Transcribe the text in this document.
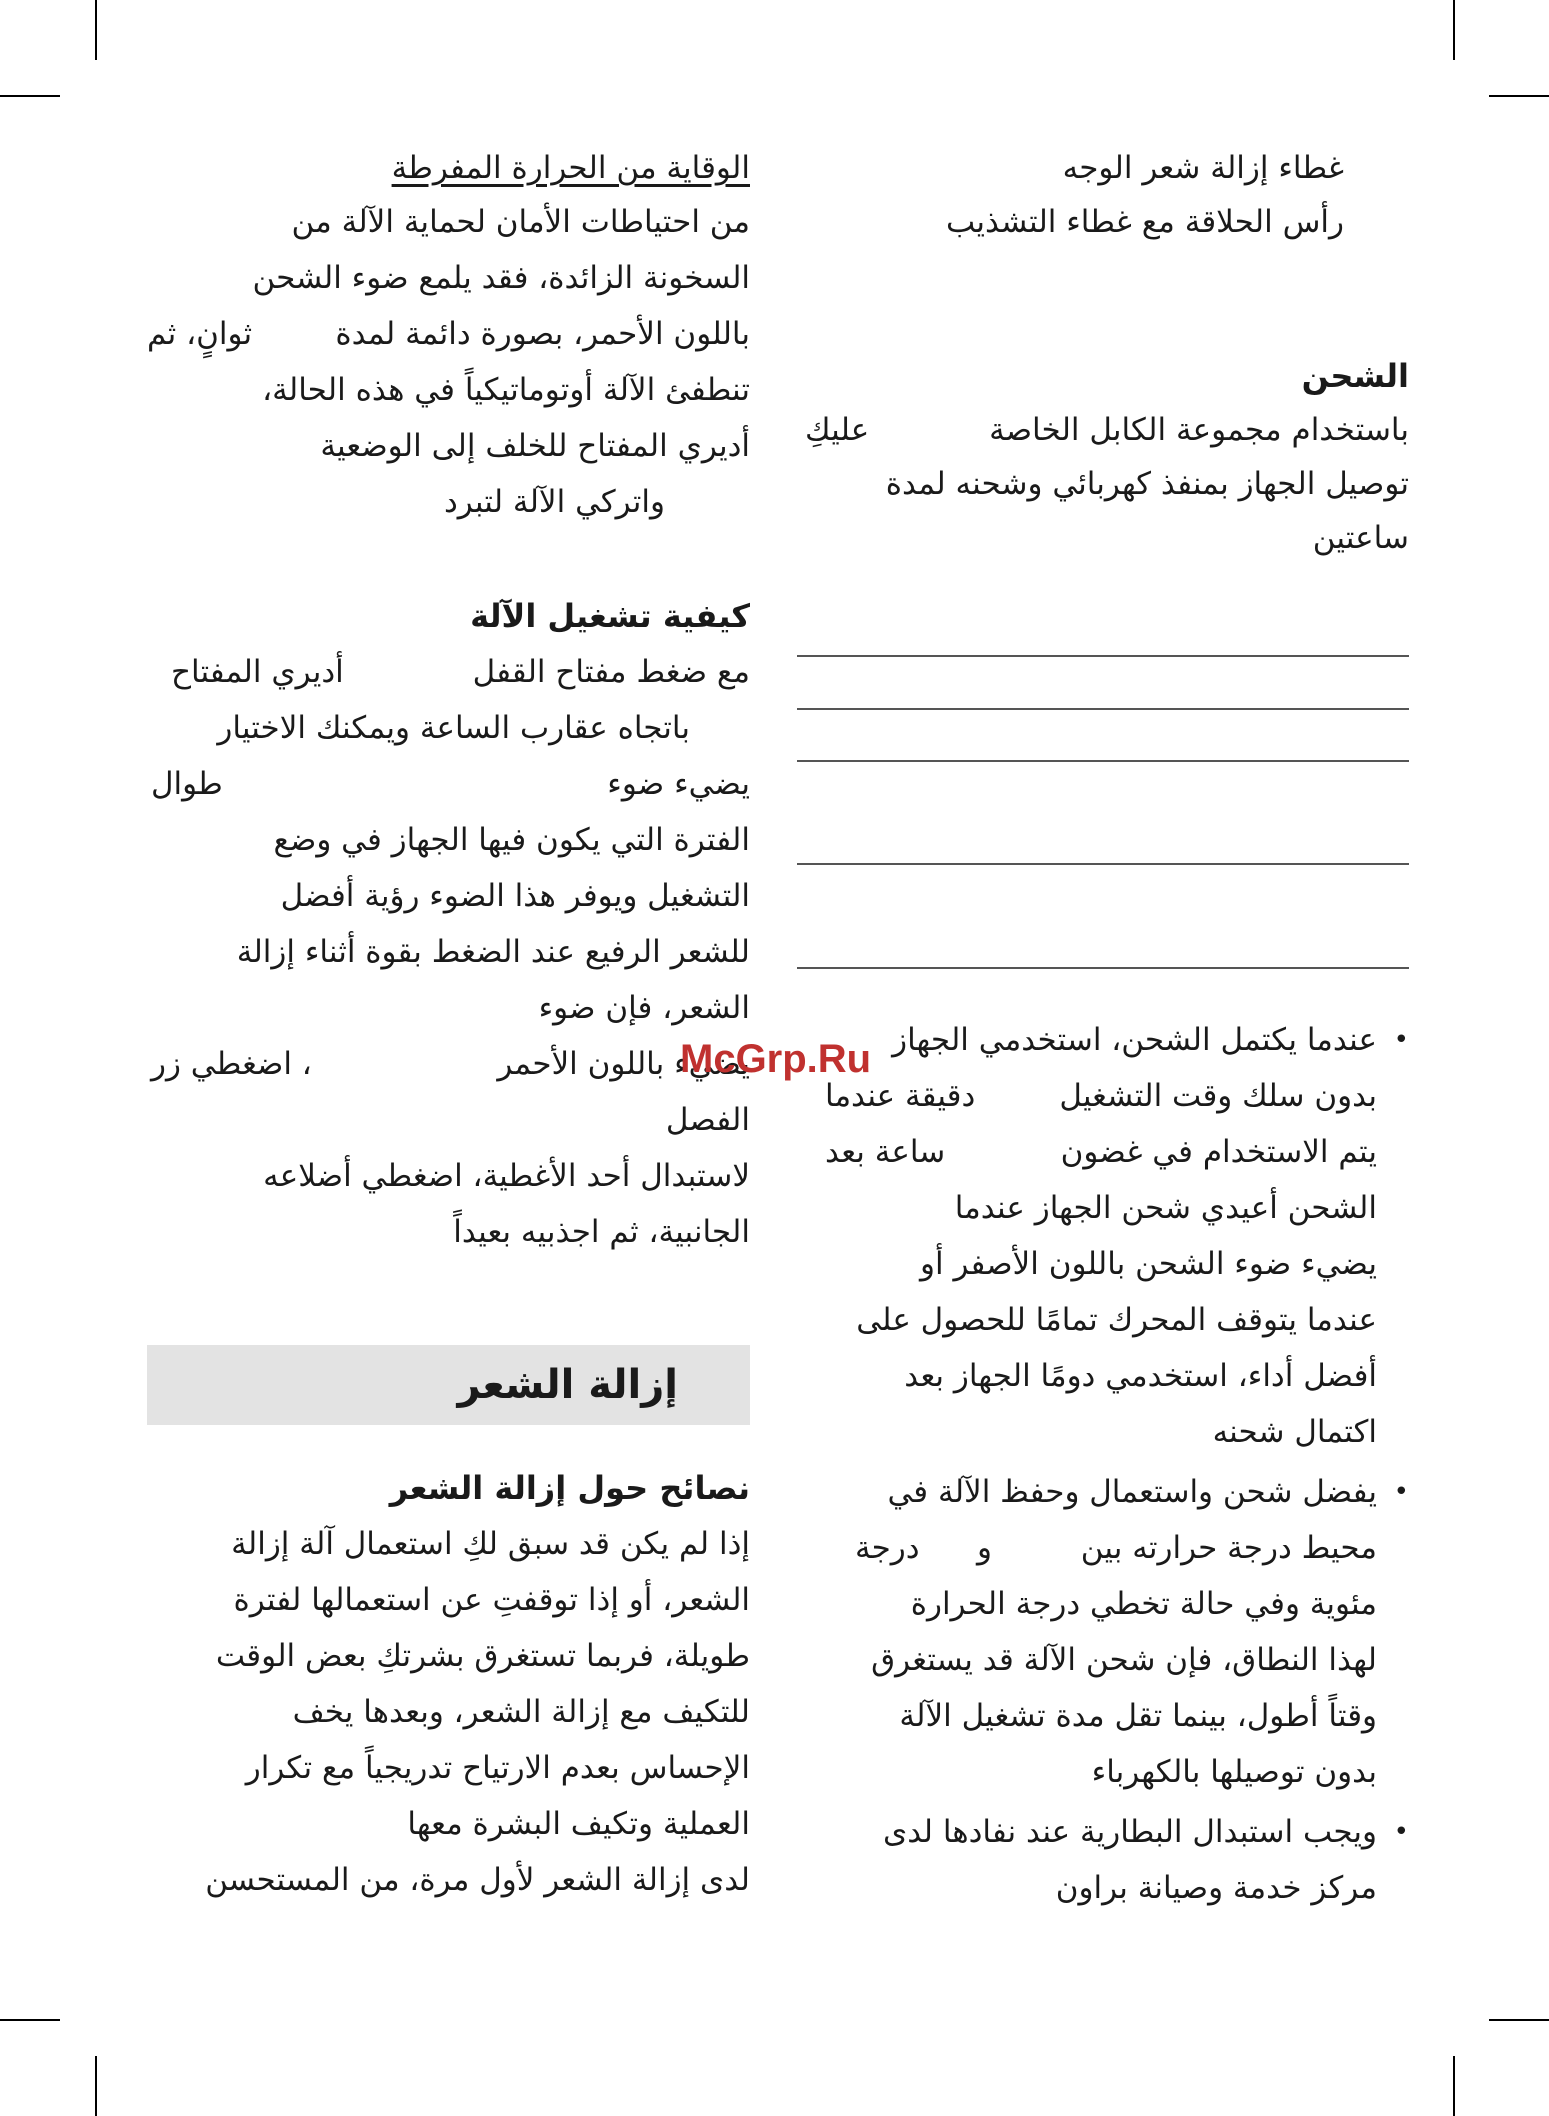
غطاء إزالة شعر الوجه
رأس الحلاقة مع غطاء التشذيب
الشحن
باستخدام مجموعة الكابل الخاصة
عليكِ
توصيل الجهاز بمنفذ كهربائي وشحنه لمدة
ساعتين
•
عندما يكتمل الشحن، استخدمي الجهاز
بدون سلك وقت التشغيل
دقيقة عندما
يتم الاستخدام في غضون
ساعة بعد
الشحن أعيدي شحن الجهاز عندما
يضيء ضوء الشحن باللون الأصفر أو
عندما يتوقف المحرك تمامًا للحصول على
أفضل أداء، استخدمي دومًا الجهاز بعد
اكتمال شحنه
•
يفضل شحن واستعمال وحفظ الآلة في
محيط درجة حرارته بين
و
درجة
مئوية وفي حالة تخطي درجة الحرارة
لهذا النطاق، فإن شحن الآلة قد يستغرق
وقتاً أطول، بينما تقل مدة تشغيل الآلة
بدون توصيلها بالكهرباء
•
ويجب استبدال البطارية عند نفادها لدى
مركز خدمة وصيانة براون
الوقاية من الحرارة المفرطة
من احتياطات الأمان لحماية الآلة من
السخونة الزائدة، فقد يلمع ضوء الشحن
باللون الأحمر، بصورة دائمة لمدة
ثوانٍ، ثم
تنطفئ الآلة أوتوماتيكياً في هذه الحالة،
أديري المفتاح للخلف إلى الوضعية
واتركي الآلة لتبرد
كيفية تشغيل الآلة
مع ضغط مفتاح القفل
أديري المفتاح
باتجاه عقارب الساعة ويمكنك الاختيار
يضيء ضوء
طوال
الفترة التي يكون فيها الجهاز في وضع
التشغيل ويوفر هذا الضوء رؤية أفضل
للشعر الرفيع عند الضغط بقوة أثناء إزالة
الشعر، فإن ضوء
يضيء باللون الأحمر
، اضغطي زر
الفصل
لاستبدال أحد الأغطية، اضغطي أضلاعه
الجانبية، ثم اجذبيه بعيداً
نصائح حول إزالة الشعر
إذا لم يكن قد سبق لكِ استعمال آلة إزالة
الشعر، أو إذا توقفتِ عن استعمالها لفترة
طويلة، فربما تستغرق بشرتكِ بعض الوقت
للتكيف مع إزالة الشعر، وبعدها يخف
الإحساس بعدم الارتياح تدريجياً مع تكرار
العملية وتكيف البشرة معها
لدى إزالة الشعر لأول مرة، من المستحسن
إزالة الشعر
McGrp.Ru
